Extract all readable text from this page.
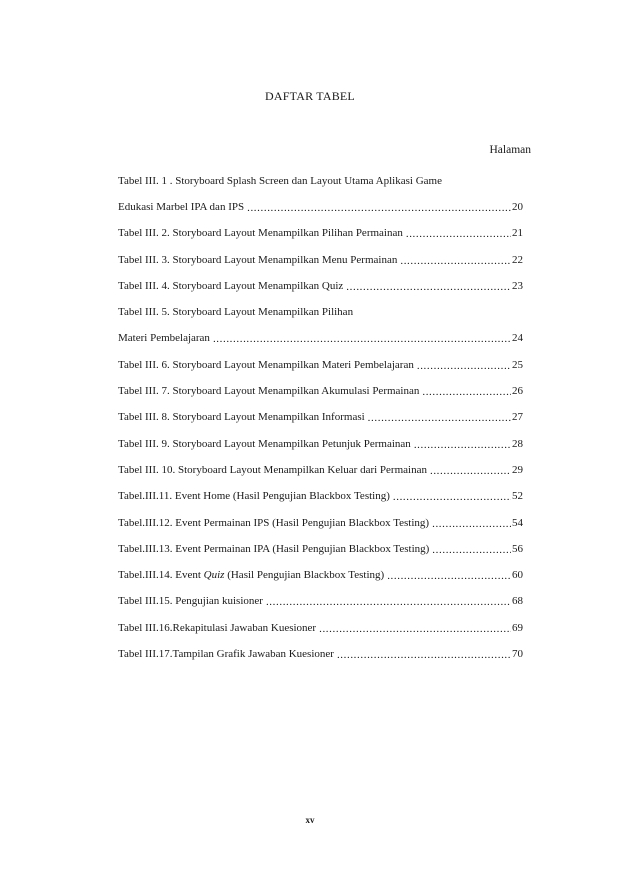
DAFTAR TABEL
Halaman
Tabel III. 1 . Storyboard Splash Screen dan Layout Utama Aplikasi Game
Edukasi Marbel IPA dan IPS .....	20
Tabel III. 2. Storyboard Layout Menampilkan Pilihan Permainan .....	21
Tabel III. 3. Storyboard Layout Menampilkan Menu Permainan .....	22
Tabel III. 4. Storyboard Layout Menampilkan Quiz .....	23
Tabel III. 5. Storyboard Layout Menampilkan Pilihan
Materi Pembelajaran .....	24
Tabel III. 6. Storyboard Layout Menampilkan Materi Pembelajaran .....	25
Tabel III. 7. Storyboard Layout Menampilkan Akumulasi Permainan .....	26
Tabel III. 8. Storyboard Layout Menampilkan Informasi .....	27
Tabel III. 9. Storyboard Layout Menampilkan Petunjuk Permainan .....	28
Tabel III. 10. Storyboard Layout Menampilkan Keluar dari Permainan .....	29
Tabel.III.11. Event Home (Hasil Pengujian Blackbox Testing) .....	52
Tabel.III.12. Event Permainan IPS (Hasil Pengujian Blackbox Testing) .....	54
Tabel.III.13. Event Permainan IPA (Hasil Pengujian Blackbox Testing) .....	56
Tabel.III.14. Event Quiz (Hasil Pengujian Blackbox Testing) .....	60
Tabel III.15. Pengujian kuisioner .....	68
Tabel III.16.Rekapitulasi Jawaban Kuesioner .....	69
Tabel III.17.Tampilan Grafik Jawaban Kuesioner .....	70
xv
